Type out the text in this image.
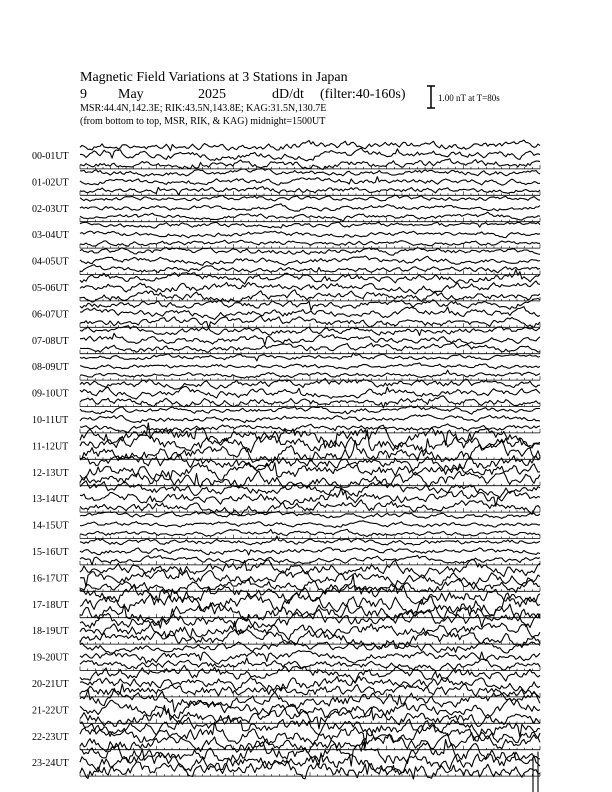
Magnetic Field Variations at 3 Stations in Japan
9 May	2025	dD/dt (filter:40-160s)
MSR:44.4N,142.3E; RIK:43.5N,143.8E; KAG:31.5N,130.7E
(from bottom to top, MSR, RIK, & KAG) midnight=1500UT
1.00 nT at T=80s
00-01UT
01-02UT
02-03UT
03-04UT
04-05UT
05-06UT
06-07UT
07-08UT
08-09UT
09-10UT
10-11UT
11-12UT
12-13UT
13-14UT
14-15UT
15-16UT
16-17UT
17-18UT
18-19UT
19-20UT
20-21UT
21-22UT
22-23UT
23-24UT
